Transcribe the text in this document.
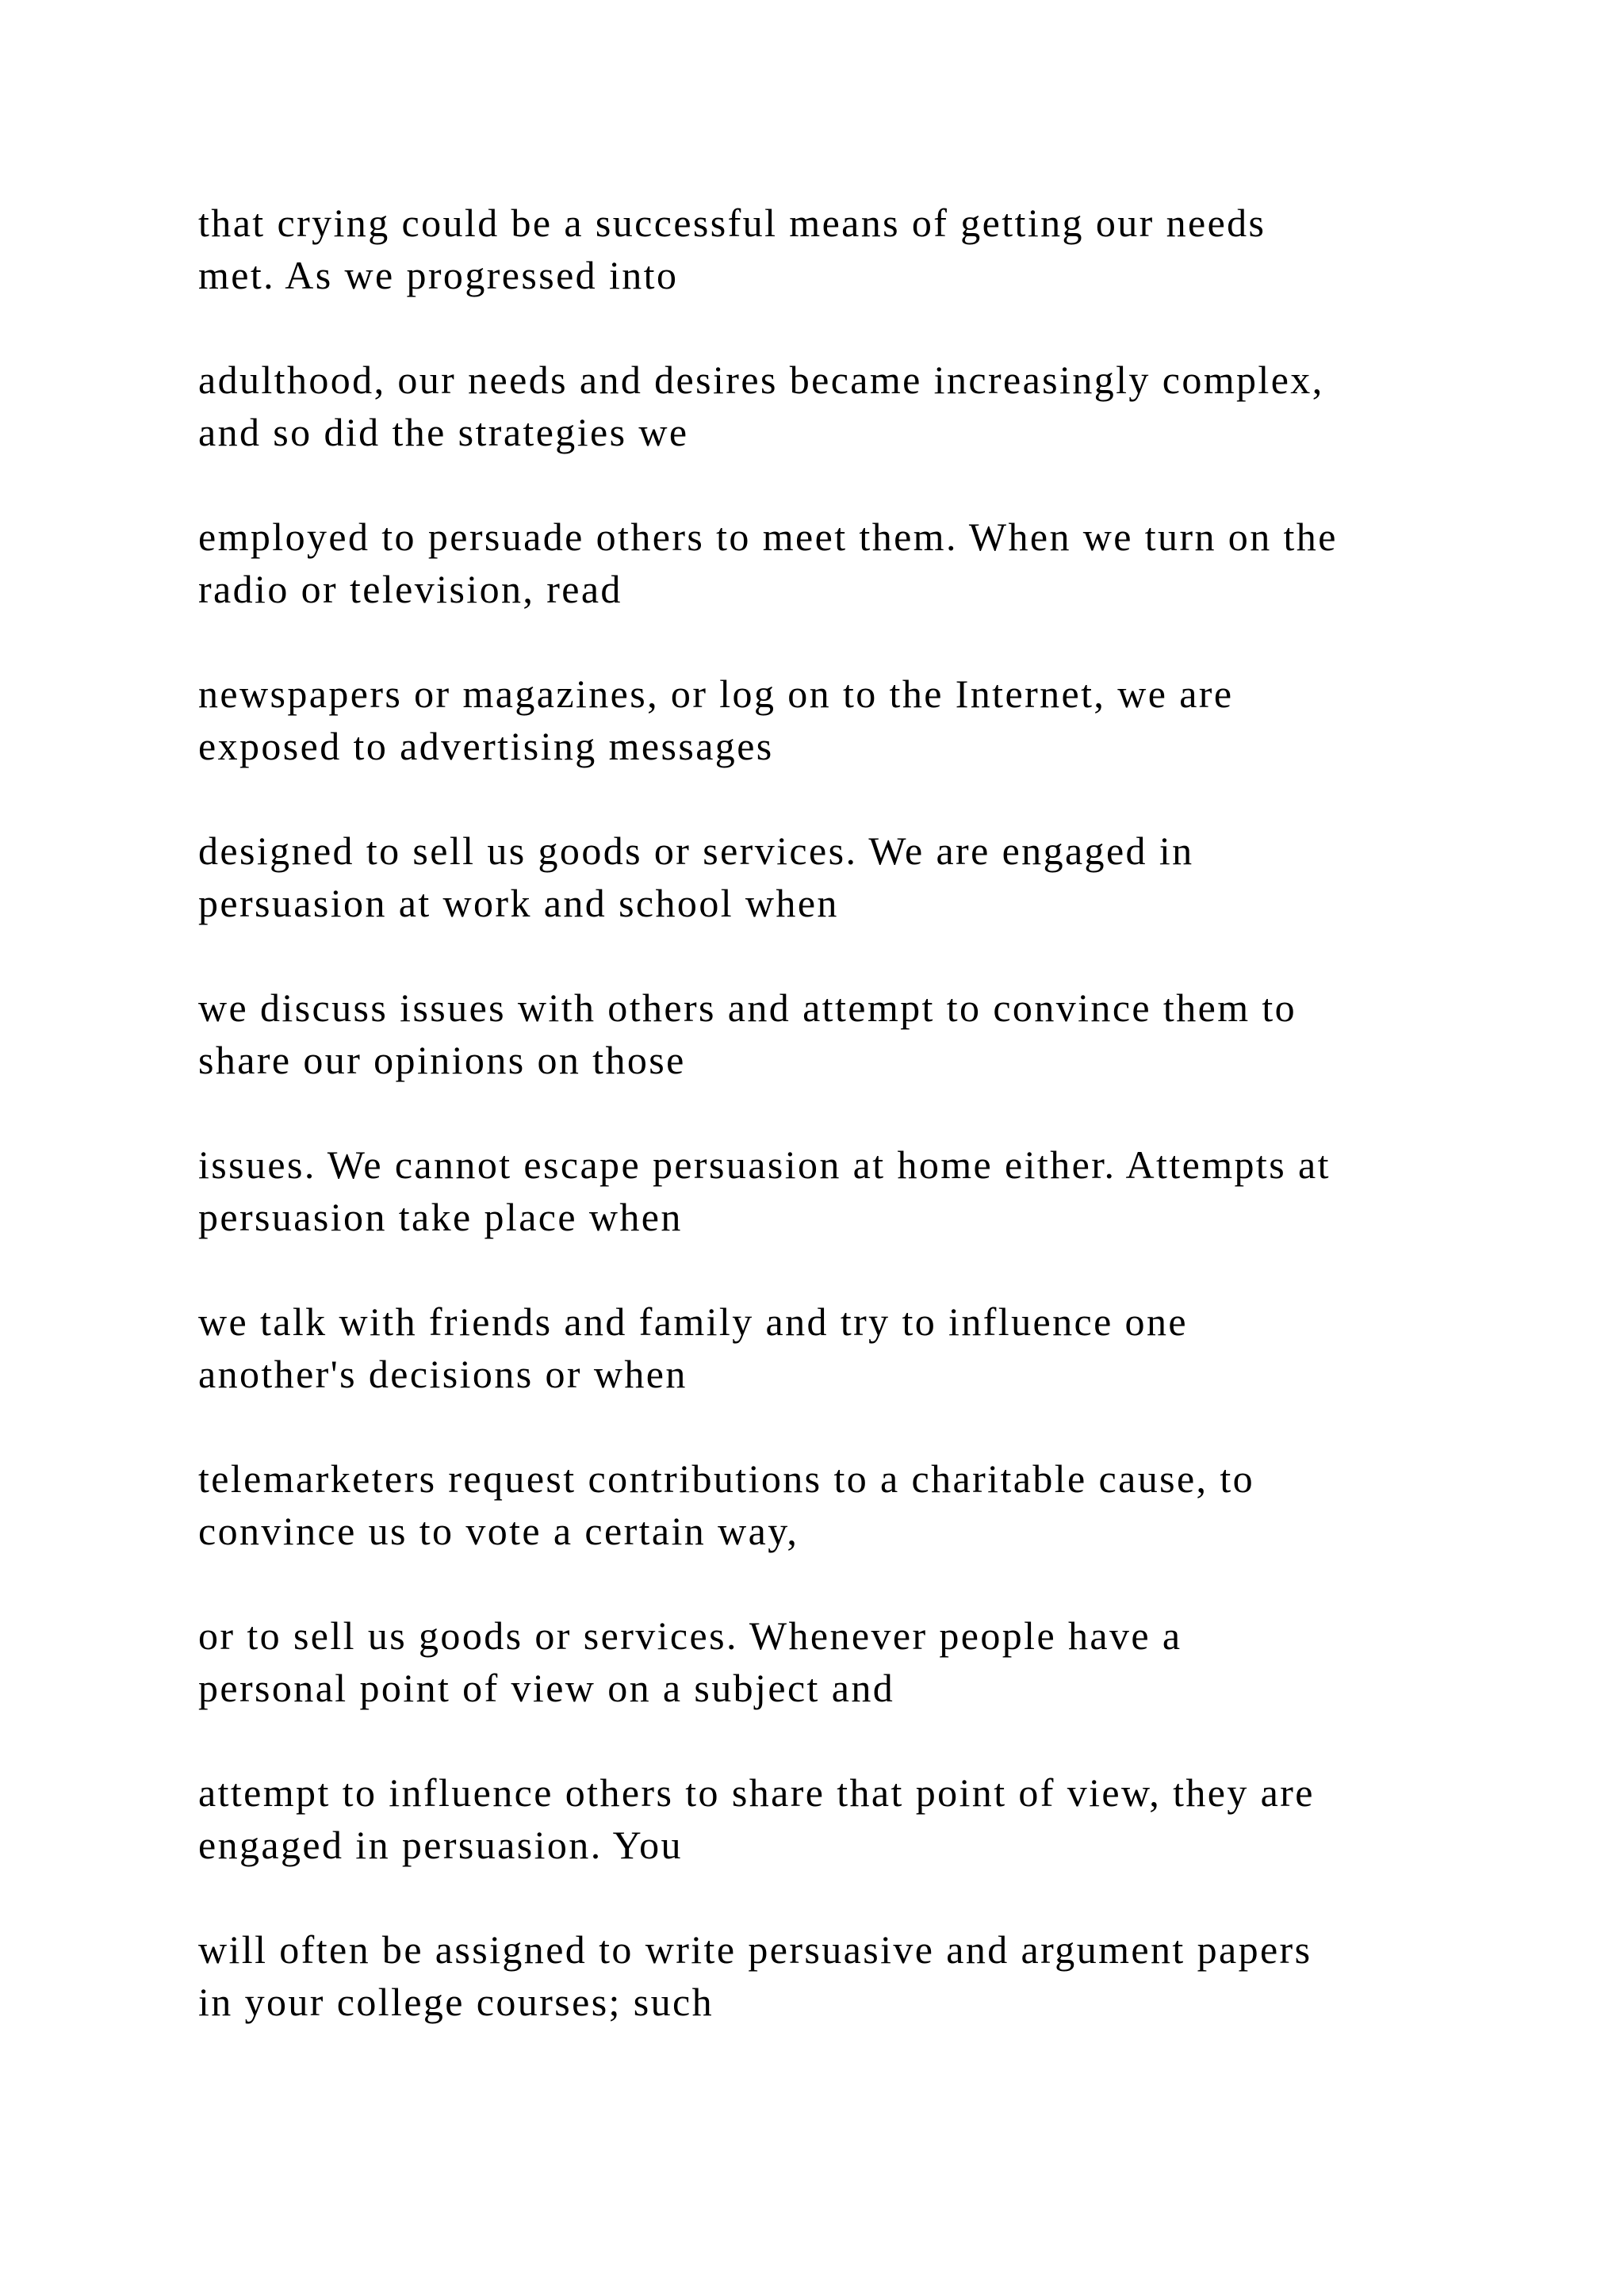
that crying could be a successful means of getting our needs
met. As we progressed into

adulthood, our needs and desires became increasingly complex,
and so did the strategies we

employed to persuade others to meet them. When we turn on the
radio or television, read

newspapers or magazines, or log on to the Internet, we are
exposed to advertising messages

designed to sell us goods or services. We are engaged in
persuasion at work and school when

we discuss issues with others and attempt to convince them to
share our opinions on those

issues. We cannot escape persuasion at home either. Attempts at
persuasion take place when

we talk with friends and family and try to influence one
another's decisions or when

telemarketers request contributions to a charitable cause, to
convince us to vote a certain way,

or to sell us goods or services. Whenever people have a
personal point of view on a subject and

attempt to influence others to share that point of view, they are
engaged in persuasion. You

will often be assigned to write persuasive and argument papers
in your college courses; such
